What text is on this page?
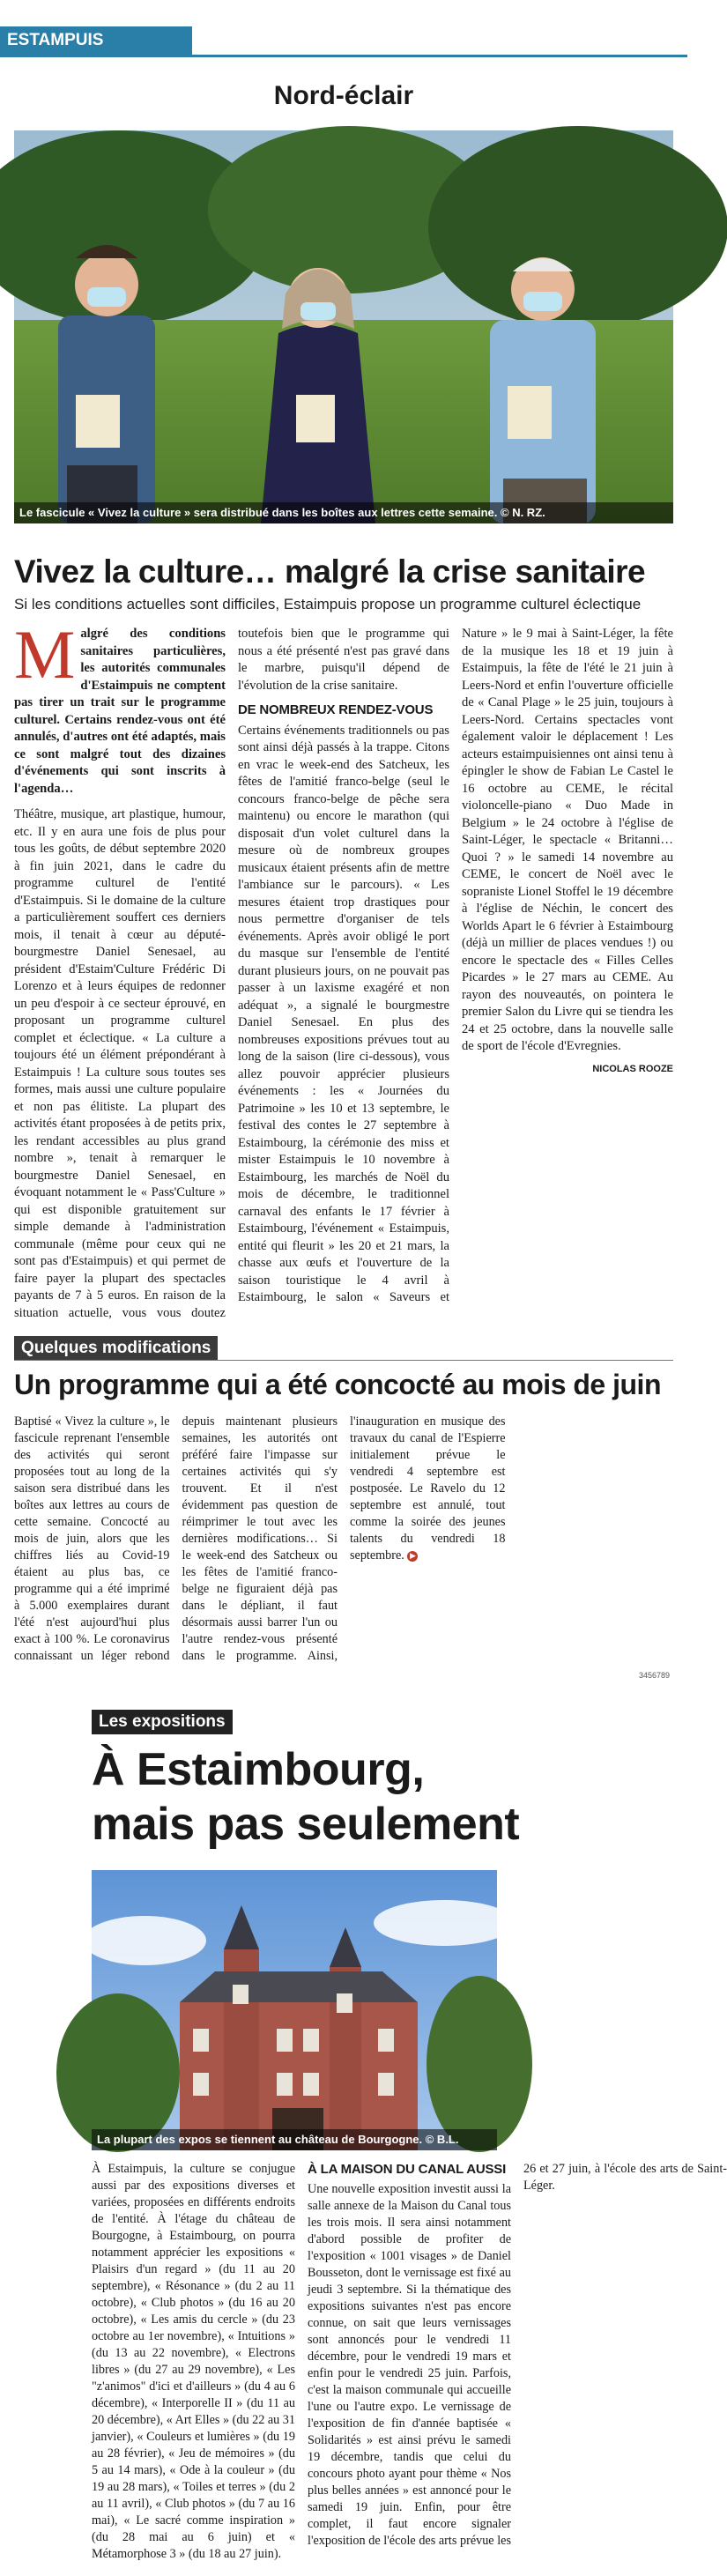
ESTAMPUIS
Nord-éclair
Le fascicule « Vivez la culture » sera distribué dans les boîtes aux lettres cette semaine. © N. RZ.
Vivez la culture… malgré la crise sanitaire
Si les conditions actuelles sont difficiles, Estaimpuis propose un programme culturel éclectique

Malgré des conditions sanitaires particulières, les autorités communales d'Estaimpuis ne comptent pas tirer un trait sur le programme culturel. Certains rendez-vous ont été annulés, d'autres ont été adaptés, mais ce sont malgré tout des dizaines d'événements qui sont inscrits à l'agenda…

Théâtre, musique, art plastique, humour, etc. Il y en aura une fois de plus pour tous les goûts, de début septembre 2020 à fin juin 2021, dans le cadre du programme culturel de l'entité d'Estaimpuis. Si le domaine de la culture a particulièrement souffert ces derniers mois, il tenait à cœur au député-bourgmestre Daniel Senesael, au président d'Estaim'Culture Frédéric Di Lorenzo et à leurs équipes de redonner un peu d'espoir à ce secteur éprouvé, en proposant un programme culturel complet et éclectique. « La culture a toujours été un élément prépondérant à Estaimpuis ! La culture sous toutes ses formes, mais aussi une culture populaire et non pas élitiste. La plupart des activités étant proposées à de petits prix, les rendant accessibles au plus grand nombre », tenait à remarquer le bourgmestre Daniel Senesael, en évoquant notamment le « Pass'Culture » qui est disponible gratuitement sur simple demande à l'administration communale (même pour ceux qui ne sont pas d'Estaimpuis) et qui permet de faire payer la plupart des spectacles payants de 7 à 5 euros. En raison de la situation actuelle, vous vous doutez toutefois bien que le programme qui nous a été présenté n'est pas gravé dans le marbre, puisqu'il dépend de l'évolution de la crise sanitaire.

DE NOMBREUX RENDEZ-VOUS

Certains événements traditionnels ou pas sont ainsi déjà passés à la trappe. Citons en vrac le week-end des Satcheux, les fêtes de l'amitié franco-belge (seul le concours franco-belge de pêche sera maintenu) ou encore le marathon (qui disposait d'un volet culturel dans la mesure où de nombreux groupes musicaux étaient présents afin de mettre l'ambiance sur le parcours). « Les mesures étaient trop drastiques pour nous permettre d'organiser de tels événements. Après avoir obligé le port du masque sur l'ensemble de l'entité durant plusieurs jours, on ne pouvait pas passer à un laxisme exagéré et non adéquat », a signalé le bourgmestre Daniel Senesael. En plus des nombreuses expositions prévues tout au long de la saison (lire ci-dessous), vous allez pouvoir apprécier plusieurs événements : les « Journées du Patrimoine » les 10 et 13 septembre, le festival des contes le 27 septembre à Estaimbourg, la cérémonie des miss et mister Estaimpuis le 10 novembre à Estaimbourg, les marchés de Noël du mois de décembre, le traditionnel carnaval des enfants le 17 février à Estaimbourg, l'événement « Estaimpuis, entité qui fleurit » les 20 et 21 mars, la chasse aux œufs et l'ouverture de la saison touristique le 4 avril à Estaimbourg, le salon « Saveurs et Nature » le 9 mai à Saint-Léger, la fête de la musique les 18 et 19 juin à Estaimpuis, la fête de l'été le 21 juin à Leers-Nord et enfin l'ouverture officielle de « Canal Plage » le 25 juin, toujours à Leers-Nord. Certains spectacles vont également valoir le déplacement ! Les acteurs estaimpuisiennes ont ainsi tenu à épingler le show de Fabian Le Castel le 16 octobre au CEME, le récital violoncelle-piano « Duo Made in Belgium » le 24 octobre à l'église de Saint-Léger, le spectacle « Britanni… Quoi ? » le samedi 14 novembre au CEME, le concert de Noël avec le sopraniste Lionel Stoffel le 19 décembre à l'église de Néchin, le concert des Worlds Apart le 6 février à Estaimbourg (déjà un millier de places vendues !) ou encore le spectacle des « Filles Celles Picardes » le 27 mars au CEME. Au rayon des nouveautés, on pointera le premier Salon du Livre qui se tiendra les 24 et 25 octobre, dans la nouvelle salle de sport de l'école d'Evregnies.

NICOLAS ROOZE
Quelques modifications
Un programme qui a été concocté au mois de juin

Baptisé « Vivez la culture », le fascicule reprenant l'ensemble des activités qui seront proposées tout au long de la saison sera distribué dans les boîtes aux lettres au cours de cette semaine. Concocté au mois de juin, alors que les chiffres liés au Covid-19 étaient au plus bas, ce programme qui a été imprimé à 5.000 exemplaires durant l'été n'est aujourd'hui plus exact à 100 %. Le coronavirus connaissant un léger rebond depuis maintenant plusieurs semaines, les autorités ont préféré faire l'impasse sur certaines activités qui s'y trouvent. Et il n'est évidemment pas question de réimprimer le tout avec les dernières modifications… Si le week-end des Satcheux ou les fêtes de l'amitié franco-belge ne figuraient déjà pas dans le dépliant, il faut désormais aussi barrer l'un ou l'autre rendez-vous présenté dans le programme. Ainsi, l'inauguration en musique des travaux du canal de l'Espierre initialement prévue le vendredi 4 septembre est postposée. Le Ravelo du 12 septembre est annulé, tout comme la soirée des jeunes talents du vendredi 18 septembre. ▶

3456789
Les expositions
À Estaimbourg,
mais pas seulement
La plupart des expos se tiennent au château de Bourgogne. © B.L.

À Estaimpuis, la culture se conjugue aussi par des expositions diverses et variées, proposées en différents endroits de l'entité. À l'étage du château de Bourgogne, à Estaimbourg, on pourra notamment apprécier les expositions « Plaisirs d'un regard » (du 11 au 20 septembre), « Résonance » (du 2 au 11 octobre), « Club photos » (du 16 au 20 octobre), « Les amis du cercle » (du 23 octobre au 1er novembre), « Intuitions » (du 13 au 22 novembre), « Electrons libres » (du 27 au 29 novembre), « Les "z'animos" d'ici et d'ailleurs » (du 4 au 6 décembre), « Interporelle II » (du 11 au 20 décembre), « Art Elles » (du 22 au 31 janvier), « Couleurs et lumières » (du 19 au 28 février), « Jeu de mémoires » (du 5 au 14 mars), « Ode à la couleur » (du 19 au 28 mars), « Toiles et terres » (du 2 au 11 avril), « Club photos » (du 7 au 16 mai), « Le sacré comme inspiration » (du 28 mai au 6 juin) et « Métamorphose 3 » (du 18 au 27 juin).

À LA MAISON DU CANAL AUSSI

Une nouvelle exposition investit aussi la salle annexe de la Maison du Canal tous les trois mois. Il sera ainsi notamment d'abord possible de profiter de l'exposition « 1001 visages » de Daniel Bousseton, dont le vernissage est fixé au jeudi 3 septembre. Si la thématique des expositions suivantes n'est pas encore connue, on sait que leurs vernissages sont annoncés pour le vendredi 11 décembre, pour le vendredi 19 mars et enfin pour le vendredi 25 juin. Parfois, c'est la maison communale qui accueille l'une ou l'autre expo. Le vernissage de l'exposition de fin d'année baptisée « Solidarités » est ainsi prévu le samedi 19 décembre, tandis que celui du concours photo ayant pour thème « Nos plus belles années » est annoncé pour le samedi 19 juin. Enfin, pour être complet, il faut encore signaler l'exposition de l'école des arts prévue les 26 et 27 juin, à l'école des arts de Saint-Léger.
